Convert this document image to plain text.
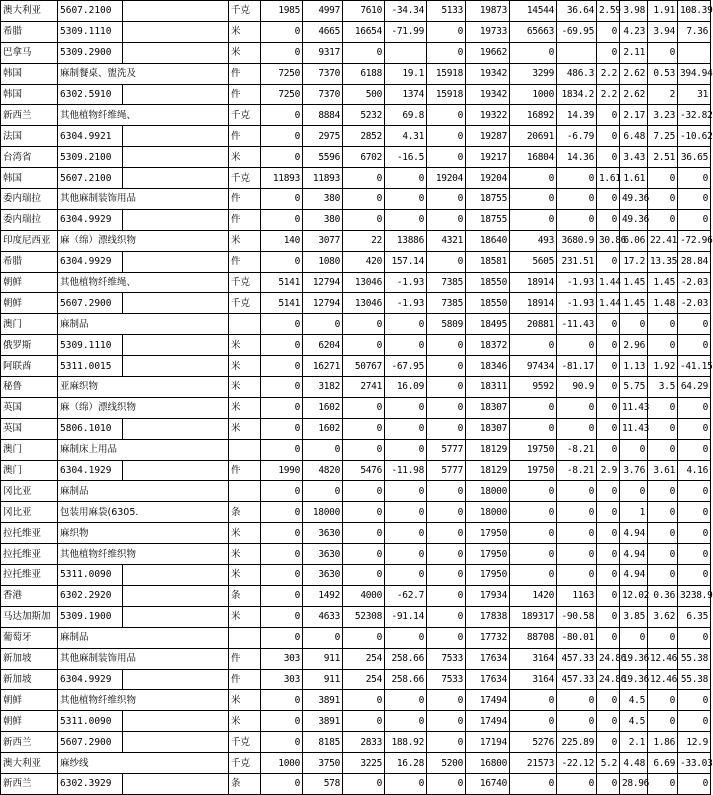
澳大利亚	5607.2100		千克	1985	4997	7610	-34.34	5133	19873	14544	36.64	2.59	3.98	1.91	108.39
希腊	5309.1110		米	0	4665	16654	-71.99	0	19733	65663	-69.95	0	4.23	3.94	7.36
巴拿马	5309.2900		米	0	9317	0		0	19662	0		0	2.11	0	
韩国	麻制餐桌、盥洗及		件	7250	7370	6188	19.1	15918	19342	3299	486.3	2.2	2.62	0.53	394.94
韩国	6302.5910		件	7250	7370	500	1374	15918	19342	1000	1834.2	2.2	2.62	2	31
新西兰	其他植物纤维绳、		千克	0	8884	5232	69.8	0	19322	16892	14.39	0	2.17	3.23	-32.82
法国	6304.9921		件	0	2975	2852	4.31	0	19287	20691	-6.79	0	6.48	7.25	-10.62
台湾省	5309.2100		米	0	5596	6702	-16.5	0	19217	16804	14.36	0	3.43	2.51	36.65
韩国	5607.2100		千克	11893	11893	0	0	19204	19204	0	0	1.61	1.61	0	0
委内瑞拉	其他麻制装饰用品		件	0	380	0	0	0	18755	0	0	0	49.36	0	0
委内瑞拉	6304.9929		件	0	380	0	0	0	18755	0	0	0	49.36	0	0
印度尼西亚	麻（绵）漂线织物		米	140	3077	22	13886	4321	18640	493	3680.9	30.86	6.06	22.41	-72.96
希腊	6304.9929		件	0	1080	420	157.14	0	18581	5605	231.51	0	17.2	13.35	28.84
朝鲜	其他植物纤维绳、		千克	5141	12794	13046	-1.93	7385	18550	18914	-1.93	1.44	1.45	1.45	-2.03
朝鲜	5607.2900		千克	5141	12794	13046	-1.93	7385	18550	18914	-1.93	1.44	1.45	1.48	-2.03
澳门	麻制品			0	0	0	0	5809	18495	20881	-11.43	0	0	0	0
俄罗斯	5309.1110		米	0	6204	0	0	0	18372	0	0	0	2.96	0	0
阿联酋	5311.0015		米	0	16271	50767	-67.95	0	18346	97434	-81.17	0	1.13	1.92	-41.15
秘鲁	亚麻织物		米	0	3182	2741	16.09	0	18311	9592	90.9	0	5.75	3.5	64.29
英国	麻（绵）漂线织物		米	0	1602	0	0	0	18307	0	0	0	11.43	0	0
英国	5806.1010		米	0	1602	0	0	0	18307	0	0	0	11.43	0	0
澳门	麻制床上用品			0	0	0	0	5777	18129	19750	-8.21	0	0	0	0
澳门	6304.1929		件	1990	4820	5476	-11.98	5777	18129	19750	-8.21	2.9	3.76	3.61	4.16
冈比亚	麻制品			0	0	0	0	0	18000	0	0	0	0	0	0
冈比亚	包装用麻袋(6305.		条	0	18000	0	0	0	18000	0	0	0	1	0	0
拉托维亚	麻织物		米	0	3630	0	0	0	17950	0	0	0	4.94	0	0
拉托维亚	其他植物纤维织物		米	0	3630	0	0	0	17950	0	0	0	4.94	0	0
拉托维亚	5311.0090		米	0	3630	0	0	0	17950	0	0	0	4.94	0	0
香港	6302.2920		条	0	1492	4000	-62.7	0	17934	1420	1163	0	12.02	0.36	3238.9
马达加斯加	5309.1900		米	0	4633	52308	-91.14	0	17838	189317	-90.58	0	3.85	3.62	6.35
葡萄牙	麻制品			0	0	0	0	0	17732	88708	-80.01	0	0	0	0
新加坡	其他麻制装饰用品		件	303	911	254	258.66	7533	17634	3164	457.33	24.86	19.36	12.46	55.38
新加坡	6304.9929		件	303	911	254	258.66	7533	17634	3164	457.33	24.86	19.36	12.46	55.38
朝鲜	其他植物纤维织物		米	0	3891	0	0	0	17494	0	0	0	4.5	0	0
朝鲜	5311.0090		米	0	3891	0	0	0	17494	0	0	0	4.5	0	0
新西兰	5607.2900		千克	0	8185	2833	188.92	0	17194	5276	225.89	0	2.1	1.86	12.9
澳大利亚	麻纱线		千克	1000	3750	3225	16.28	5200	16800	21573	-22.12	5.2	4.48	6.69	-33.03
新西兰	6302.3929		条	0	578	0	0	0	16740	0	0	0	28.96	0	0
